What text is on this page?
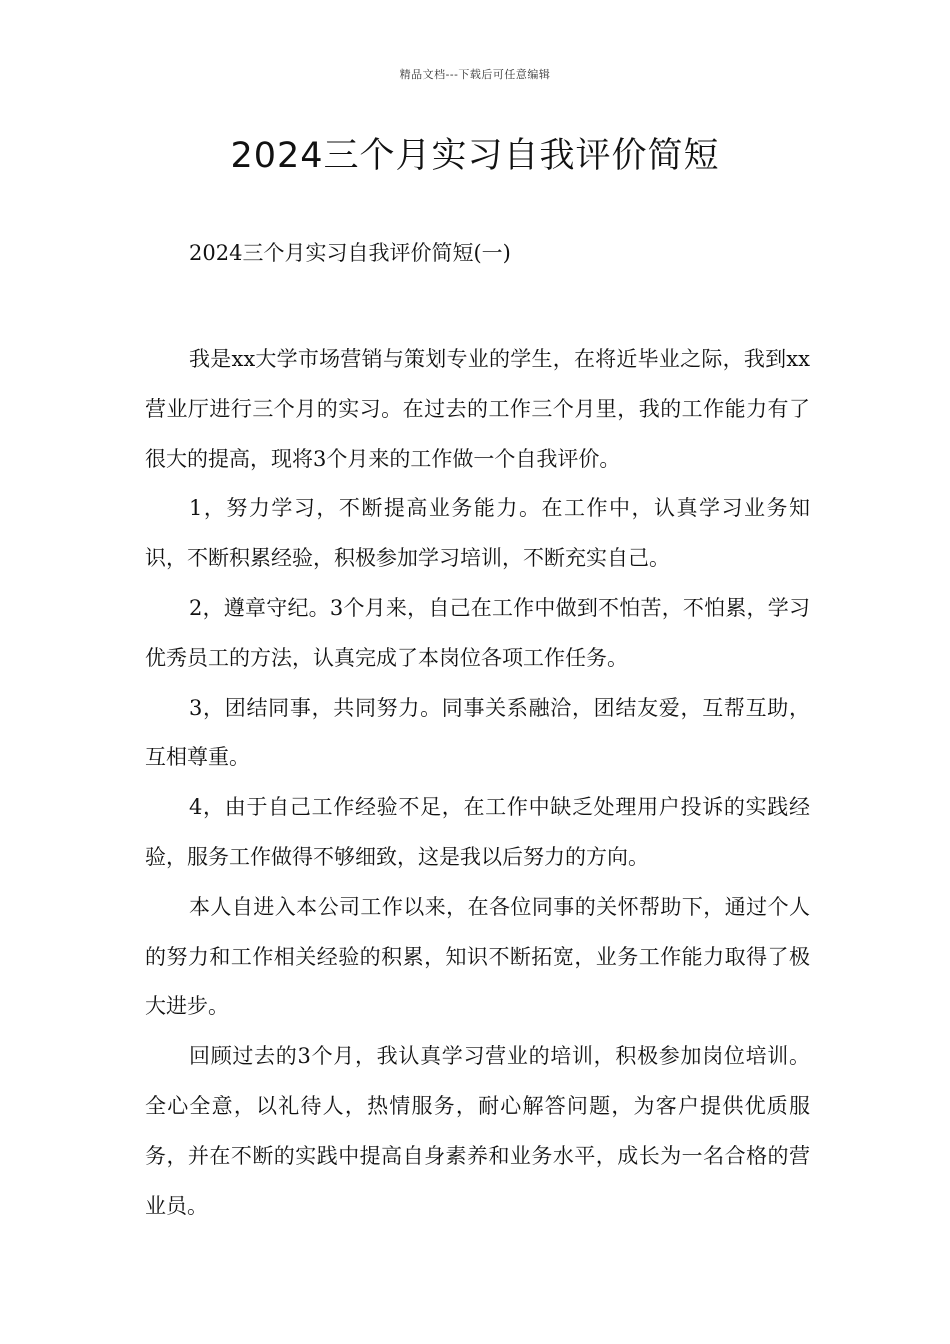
精品文档---下载后可任意编辑
2024三个月实习自我评价简短
2024三个月实习自我评价简短(一)

我是xx大学市场营销与策划专业的学生，在将近毕业之际，我到xx营业厅进行三个月的实习。在过去的工作三个月里，我的工作能力有了很大的提高，现将3个月来的工作做一个自我评价。

1，努力学习，不断提高业务能力。在工作中，认真学习业务知识，不断积累经验，积极参加学习培训，不断充实自己。

2，遵章守纪。3个月来，自己在工作中做到不怕苦，不怕累，学习优秀员工的方法，认真完成了本岗位各项工作任务。

3，团结同事，共同努力。同事关系融洽，团结友爱，互帮互助，互相尊重。

4，由于自己工作经验不足，在工作中缺乏处理用户投诉的实践经验，服务工作做得不够细致，这是我以后努力的方向。

本人自进入本公司工作以来，在各位同事的关怀帮助下，通过个人的努力和工作相关经验的积累，知识不断拓宽，业务工作能力取得了极大进步。

回顾过去的3个月，我认真学习营业的培训，积极参加岗位培训。全心全意，以礼待人，热情服务，耐心解答问题，为客户提供优质服务，并在不断的实践中提高自身素养和业务水平，成长为一名合格的营业员。
